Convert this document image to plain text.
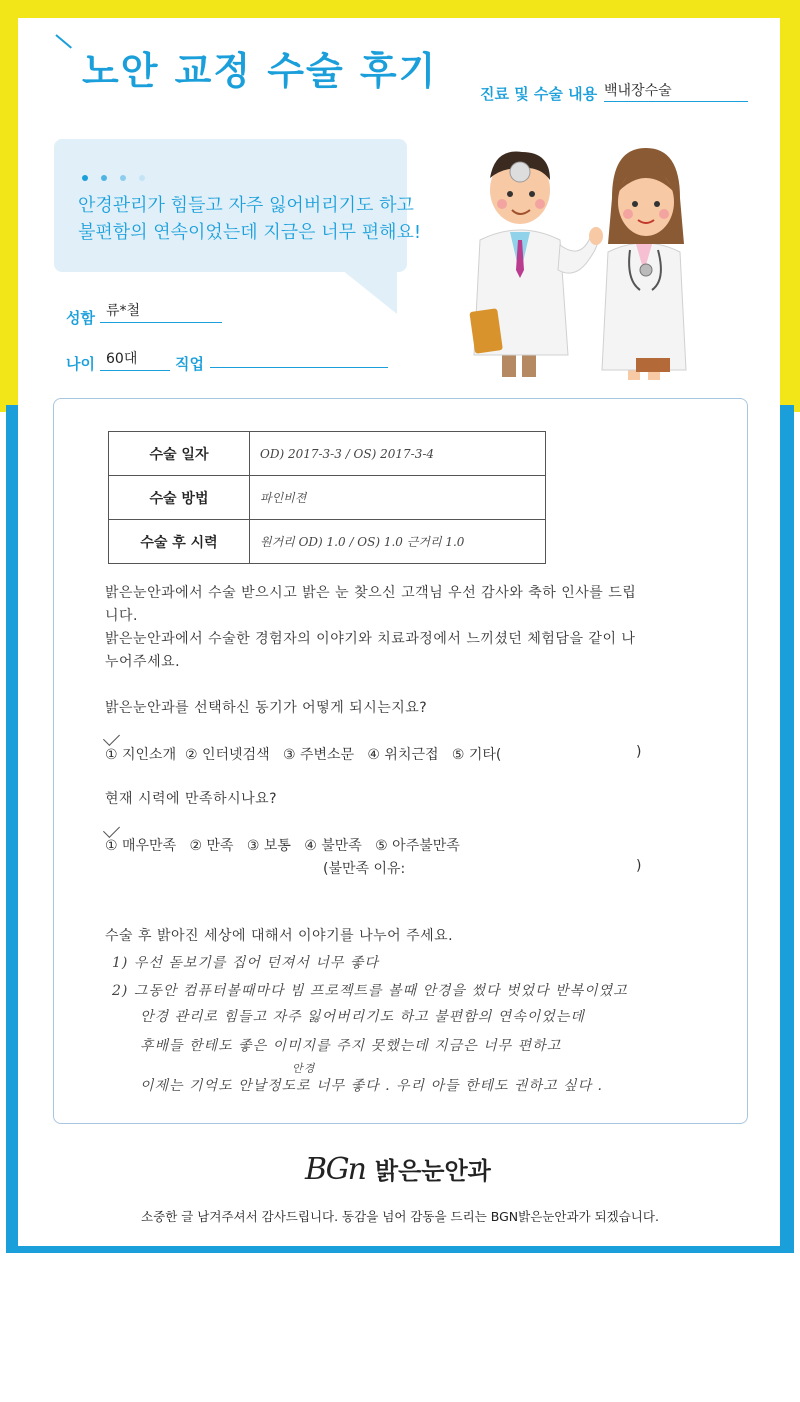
노안 교정 수술 후기
진료 및 수술 내용 백내장수술
안경관리가 힘들고 자주 잃어버리기도 하고
불편함의 연속이었는데 지금은 너무 편해요!
성함 류*철
나이 60대	직업
수술 일자	OD) 2017-3-3 / OS) 2017-3-4
수술 방법	파인비젼
수술 후 시력	원거리 OD) 1.0 / OS) 1.0 근거리 1.0
밝은눈안과에서 수술 받으시고 밝은 눈 찾으신 고객님 우선 감사와 축하 인사를 드립니다.
밝은눈안과에서 수술한 경험자의 이야기와 치료과정에서 느끼셨던 체험담을 같이 나누어주세요.
밝은눈안과를 선택하신 동기가 어떻게 되시는지요?
① 지인소개  ② 인터넷검색   ③ 주변소문   ④ 위치근접   ⑤ 기타(	)
현재 시력에 만족하시나요?
① 매우만족   ② 만족   ③ 보통   ④ 불만족   ⑤ 아주불만족
(불만족 이유:	)
수술 후 밝아진 세상에 대해서 이야기를 나누어 주세요.
1) 우선 돋보기를 집어 던져서 너무 좋다
2) 그동안 컴퓨터볼때마다 빔 프로젝트를 볼때 안경을 썼다 벗었다 반복이였고
안경 관리로 힘들고 자주 잃어버리기도 하고 불편함의 연속이었는데
후배들 한테도 좋은 이미지를 주지 못했는데 지금은 너무 편하고
안경
이제는 기억도 안날정도로 너무 좋다 . 우리 아들 한테도 권하고 싶다 .
BGn 밝은눈안과
소중한 글 남겨주셔서 감사드립니다. 동감을 넘어 감동을 드리는 BGN밝은눈안과가 되겠습니다.
